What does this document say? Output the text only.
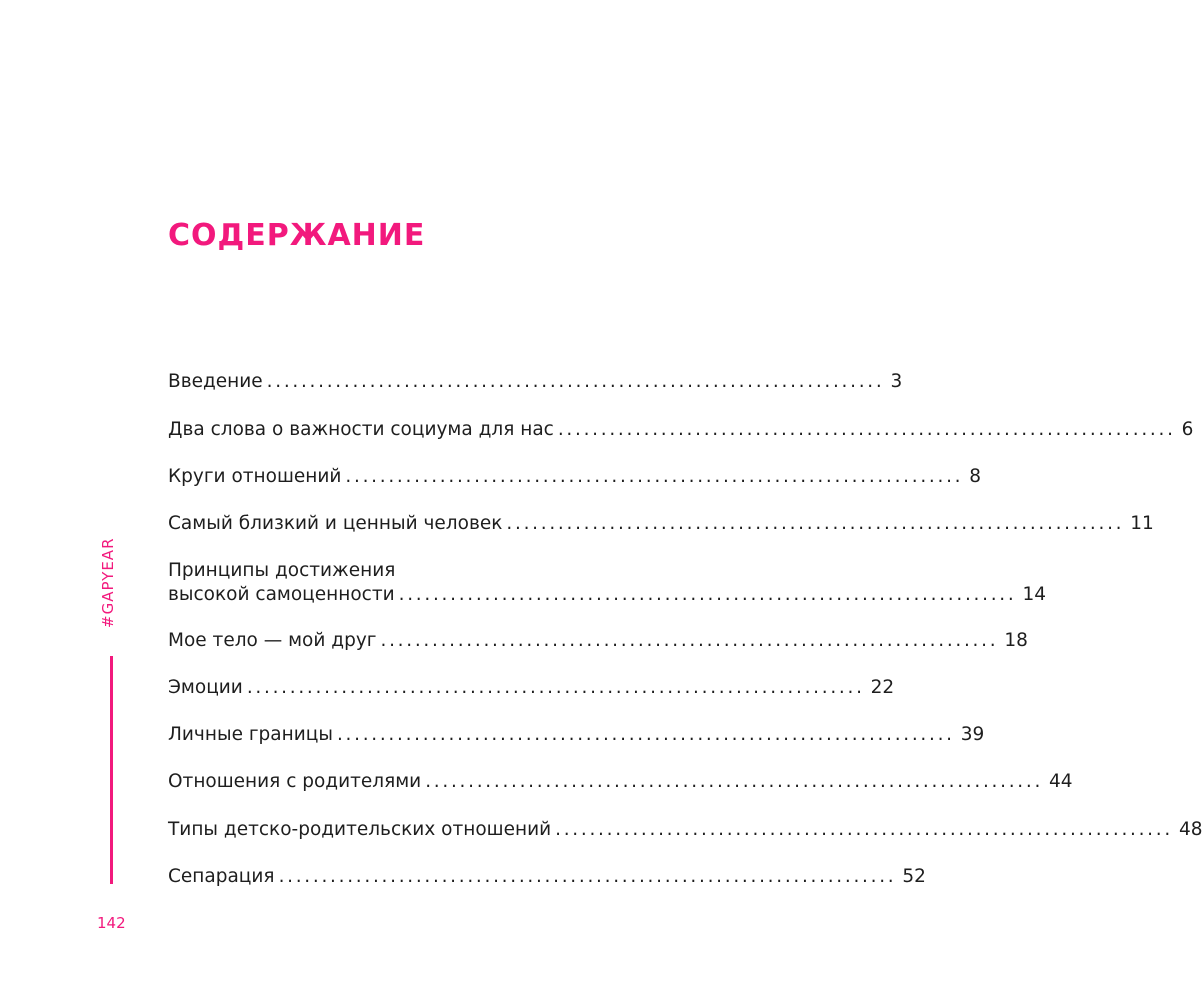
СОДЕРЖАНИЕ
Введение ........................................................................ 3
Два слова о важности социума для нас ........................................................................ 6
Круги отношений ........................................................................ 8
Самый близкий и ценный человек ........................................................................ 11
Принципы достижения
высокой самоценности ........................................................................ 14
Мое тело — мой друг ........................................................................ 18
Эмоции ........................................................................ 22
Личные границы ........................................................................ 39
Отношения с родителями ........................................................................ 44
Типы детско-родительских отношений ........................................................................ 48
Сепарация ........................................................................ 52
#GAPYEAR
142
